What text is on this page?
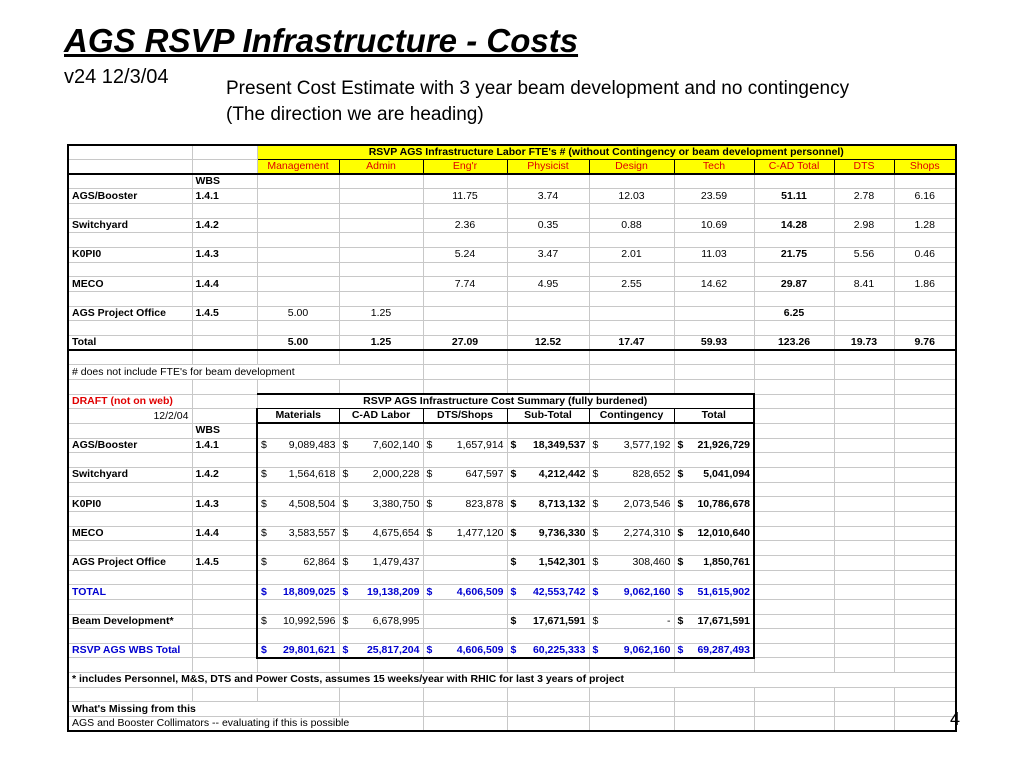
AGS RSVP Infrastructure - Costs
v24 12/3/04
Present Cost Estimate with 3 year beam development and no contingency
(The direction we are heading)
		RSVP AGS Infrastructure Labor FTE's # (without Contingency or beam development personnel)								
		Management	Admin	Eng'r	Physicist	Design	Tech	C-AD Total	DTS	Shops
	WBS									
AGS/Booster	1.4.1			11.75	3.74	12.03	23.59	51.11	2.78	6.16

Switchyard	1.4.2			2.36	0.35	0.88	10.69	14.28	2.98	1.28

K0PI0	1.4.3			5.24	3.47	2.01	11.03	21.75	5.56	0.46

MECO	1.4.4			7.74	4.95	2.55	14.62	29.87	8.41	1.86

AGS Project Office	1.4.5	5.00	1.25					6.25		

Total		5.00	1.25	27.09	12.52	17.47	59.93	123.26	19.73	9.76

# does not include FTE's for beam development										

DRAFT (not on web)		RSVP AGS Infrastructure Cost Summary (fully burdened)								
12/2/04		Materials	C-AD Labor	DTS/Shops	Sub-Total	Contingency	Total			
	WBS									
AGS/Booster	1.4.1	$ 9,089,483	$ 7,602,140	$ 1,657,914	$ 18,349,537	$ 3,577,192	$ 21,926,729			

Switchyard	1.4.2	$ 1,564,618	$ 2,000,228	$ 647,597	$ 4,212,442	$ 828,652	$ 5,041,094			

K0PI0	1.4.3	$ 4,508,504	$ 3,380,750	$ 823,878	$ 8,713,132	$ 2,073,546	$ 10,786,678			

MECO	1.4.4	$ 3,583,557	$ 4,675,654	$ 1,477,120	$ 9,736,330	$ 2,274,310	$ 12,010,640			

AGS Project Office	1.4.5	$ 62,864	$ 1,479,437		$ 1,542,301	$ 308,460	$ 1,850,761			

TOTAL		$ 18,809,025	$ 19,138,209	$ 4,606,509	$ 42,553,742	$ 9,062,160	$ 51,615,902			

Beam Development*		$ 10,992,596	$ 6,678,995		$ 17,671,591	$ -	$ 17,671,591			

RSVP AGS WBS Total		$ 29,801,621	$ 25,817,204	$ 4,606,509	$ 60,225,333	$ 9,062,160	$ 69,287,493			

* includes Personnel, M&S, DTS and Power Costs, assumes 15 weeks/year with RHIC for last 3 years of project										

What's Missing from this										
AGS and Booster Collimators -- evaluating if this is possible											4
